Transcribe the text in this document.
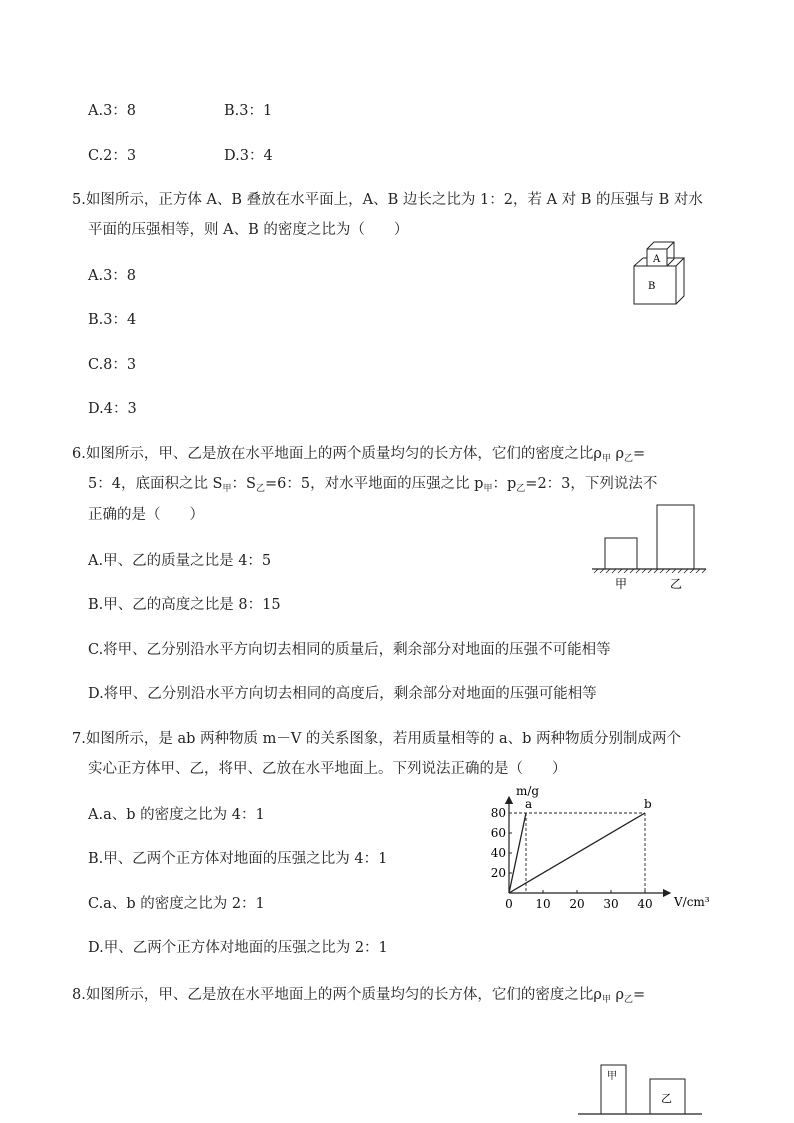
A.3：8	B.3：1
C.2：3	D.3：4
5.如图所示，正方体 A、B 叠放在水平面上，A、B 边长之比为 1：2，若 A 对 B 的压强与 B 对水
平面的压强相等，则 A、B 的密度之比为（　　）
A.3：8
B.3：4
C.8：3
D.4：3
A
B
6.如图所示，甲、乙是放在水平地面上的两个质量均匀的长方体，它们的密度之比$\rho_甲$ $\rho_乙=$
5：4，底面积之比 $S_甲$：$S_乙=6$：5，对水平地面的压强之比 $p_甲$：$p_乙=2$：3，下列说法不
正确的是（　　）
A.甲、乙的质量之比是 4：5
B.甲、乙的高度之比是 8：15
C.将甲、乙分别沿水平方向切去相同的质量后，剩余部分对地面的压强不可能相等
D.将甲、乙分别沿水平方向切去相同的高度后，剩余部分对地面的压强可能相等
甲	乙
7.如图所示，是 ab 两种物质 m－V 的关系图象，若用质量相等的 a、b 两种物质分别制成两个
实心正方体甲、乙，将甲、乙放在水平地面上。下列说法正确的是（　　）
A.a、b 的密度之比为 4：1
B.甲、乙两个正方体对地面的压强之比为 4：1
C.a、b 的密度之比为 2：1
D.甲、乙两个正方体对地面的压强之比为 2：1
a	b
0 10 20 30 40
20
40
60
80
m/g
V/cm³
8.如图所示，甲、乙是放在水平地面上的两个质量均匀的长方体，它们的密度之比$\rho_甲$ $\rho_乙=$
甲
乙
